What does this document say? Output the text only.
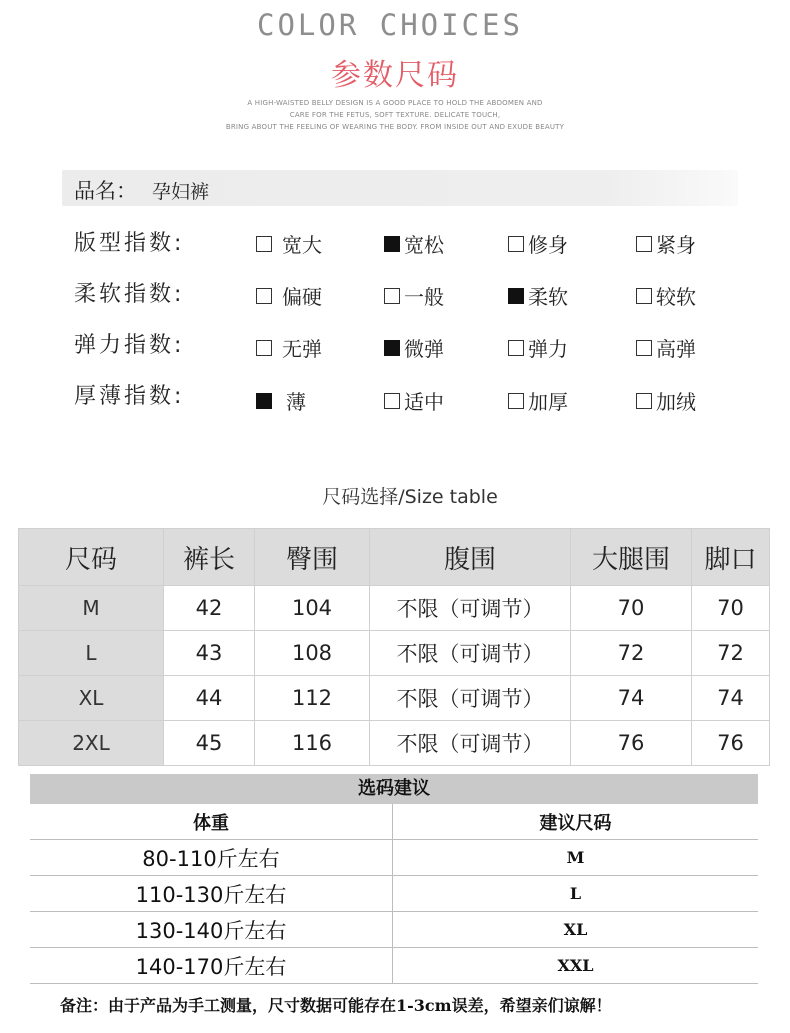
COLOR CHOICES
参数尺码
A HIGH-WAISTED BELLY DESIGN IS A GOOD PLACE TO HOLD THE ABDOMEN AND
CARE FOR THE FETUS, SOFT TEXTURE. DELICATE TOUCH,
BRING ABOUT THE FEELING OF WEARING THE BODY. FROM INSIDE OUT AND EXUDE BEAUTY
品名： 孕妇裤
版型指数:	宽大	宽松	修身	紧身
柔软指数:	偏硬	一般	柔软	较软
弹力指数:	无弹	微弹	弹力	高弹
厚薄指数:	薄	适中	加厚	加绒
尺码选择/Size table
尺码	裤长	臀围	腹围	大腿围	脚口
M	42	104	不限（可调节）	70	70
L	43	108	不限（可调节）	72	72
XL	44	112	不限（可调节）	74	74
2XL	45	116	不限（可调节）	76	76
选码建议
体重	建议尺码
80-110斤左右	M
110-130斤左右	L
130-140斤左右	XL
140-170斤左右	XXL
备注：由于产品为手工测量，尺寸数据可能存在1-3cm误差，希望亲们谅解！
